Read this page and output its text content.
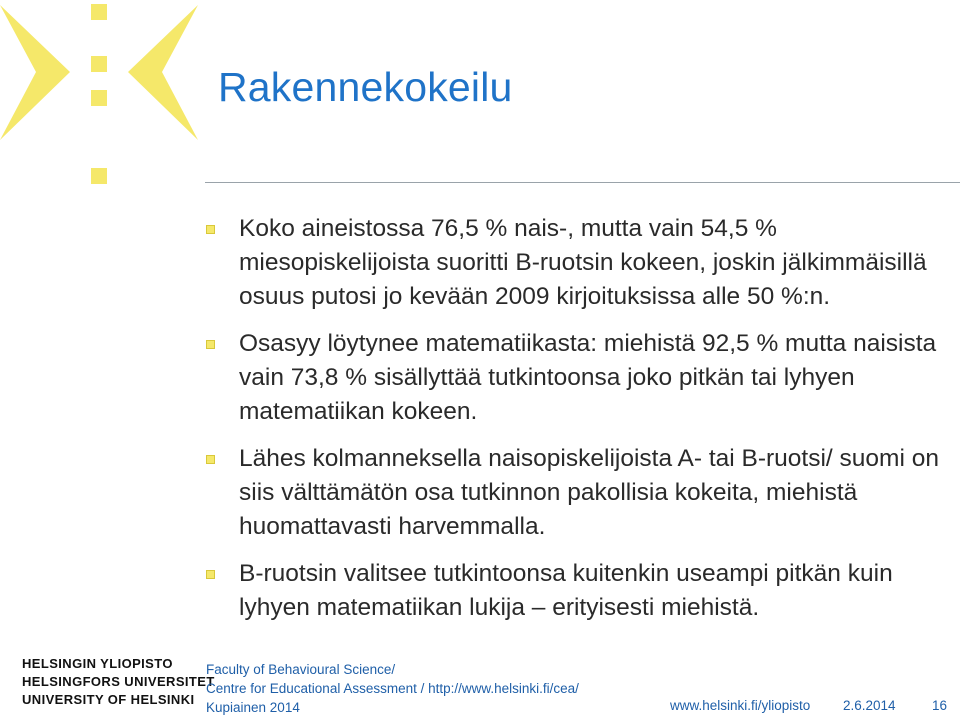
Rakennekokeilu
Koko aineistossa 76,5 % nais-, mutta vain 54,5 % miesopiskelijoista suoritti B-ruotsin kokeen, joskin jälkimmäisillä osuus putosi jo kevään 2009 kirjoituksissa alle 50 %:n.
Osasyy löytynee matematiikasta: miehistä 92,5 % mutta naisista vain 73,8 % sisällyttää tutkintoonsa joko pitkän tai lyhyen matematiikan kokeen.
Lähes kolmanneksella naisopiskelijoista A- tai B-ruotsi/ suomi on siis välttämätön osa tutkinnon pakollisia kokeita, miehistä huomattavasti harvemmalla.
B-ruotsin valitsee tutkintoonsa kuitenkin useampi pitkän kuin lyhyen matematiikan lukija – erityisesti miehistä.
HELSINGIN YLIOPISTO
HELSINGFORS UNIVERSITET
UNIVERSITY OF HELSINKI
Faculty of Behavioural Science/
Centre for Educational Assessment / http://www.helsinki.fi/cea/
Kupiainen 2014	www.helsinki.fi/yliopisto 2.6.2014	16
